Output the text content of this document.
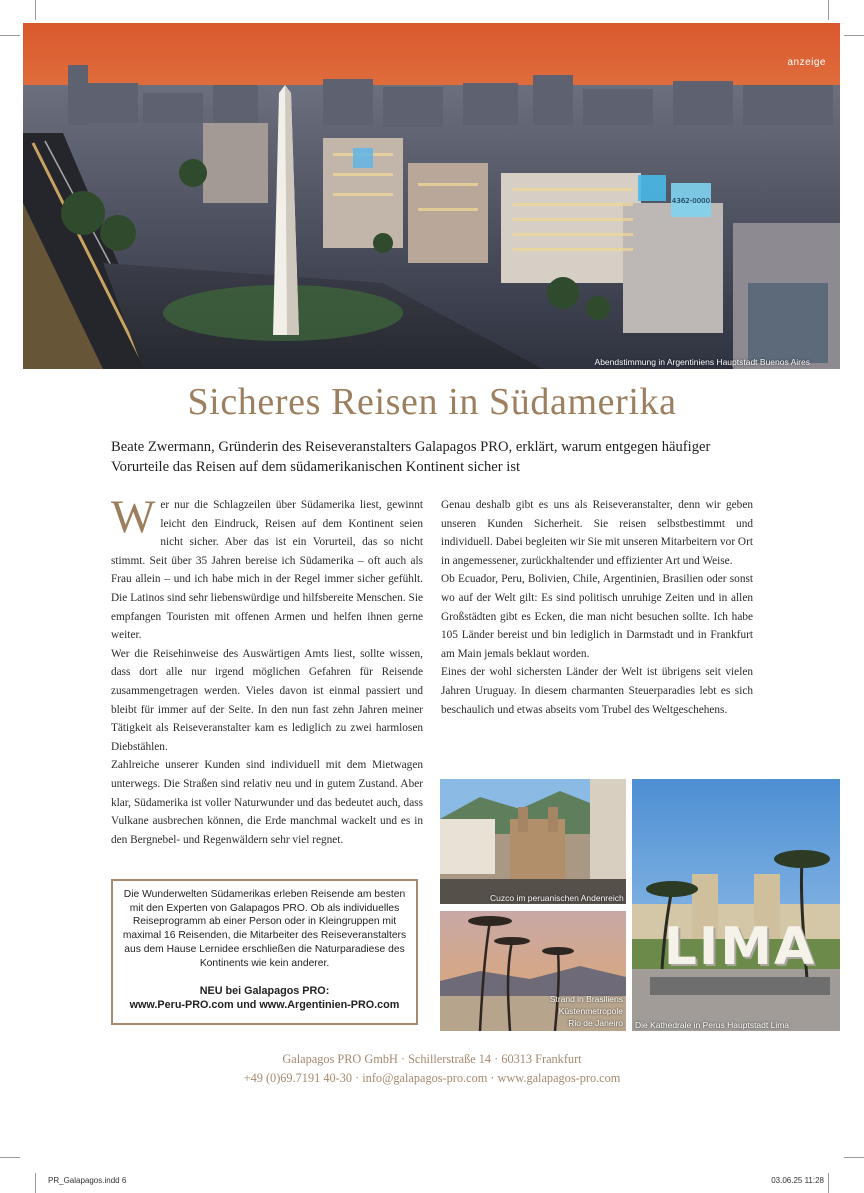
4362-0000
anzeige
Abendstimmung in Argentiniens Hauptstadt Buenos Aires
Sicheres Reisen in Südamerika

Beate Zwermann, Gründerin des Reiseveranstalters Galapagos PRO, erklärt, warum entgegen häufiger Vorurteile das Reisen auf dem südamerikanischen Kontinent sicher ist

Wer nur die Schlagzeilen über Südamerika liest, gewinnt leicht den Eindruck, Reisen auf dem Kontinent seien nicht sicher. Aber das ist ein Vorurteil, das so nicht stimmt. Seit über 35 Jahren bereise ich Südamerika – oft auch als Frau allein – und ich habe mich in der Regel immer sicher gefühlt. Die Latinos sind sehr liebenswürdige und hilfsbereite Menschen. Sie empfangen Touristen mit offenen Armen und helfen ihnen gerne weiter.

Wer die Reisehinweise des Auswärtigen Amts liest, sollte wissen, dass dort alle nur irgend möglichen Gefahren für Reisende zusammengetragen werden. Vieles davon ist einmal passiert und bleibt für immer auf der Seite. In den nun fast zehn Jahren meiner Tätigkeit als Reiseveranstalter kam es lediglich zu zwei harmlosen Diebstählen.

Zahlreiche unserer Kunden sind individuell mit dem Mietwagen unterwegs. Die Straßen sind relativ neu und in gutem Zustand. Aber klar, Südamerika ist voller Naturwunder und das bedeutet auch, dass Vulkane ausbrechen können, die Erde manchmal wackelt und es in den Bergnebel- und Regenwäldern sehr viel regnet.

Genau deshalb gibt es uns als Reiseveranstalter, denn wir geben unseren Kunden Sicherheit. Sie reisen selbstbestimmt und individuell. Dabei begleiten wir Sie mit unseren Mitarbeitern vor Ort in angemessener, zurückhaltender und effizienter Art und Weise.

Ob Ecuador, Peru, Bolivien, Chile, Argentinien, Brasilien oder sonst wo auf der Welt gilt: Es sind politisch unruhige Zeiten und in allen Großstädten gibt es Ecken, die man nicht besuchen sollte. Ich habe 105 Länder bereist und bin lediglich in Darmstadt und in Frankfurt am Main jemals beklaut worden.

Eines der wohl sichersten Länder der Welt ist übrigens seit vielen Jahren Uruguay. In diesem charmanten Steuerparadies lebt es sich beschaulich und etwas abseits vom Trubel des Weltgeschehens.

Die Wunderwelten Südamerikas erleben Reisende am besten mit den Experten von Galapagos PRO. Ob als individuelles Reiseprogramm ab einer Person oder in Kleingruppen mit maximal 16 Reisenden, die Mitarbeiter des Reiseveranstalters aus dem Hause Lernidee erschließen die Naturparadiese des Kontinents wie kein anderer.
NEU bei Galapagos PRO:
www.Peru-PRO.com und www.Argentinien-PRO.com
Cuzco im peruanischen Andenreich
Strand in Brasiliens
Küstenmetropole
Rio de Janeiro
LIMA
Die Kathedrale in Perus Hauptstadt Lima
Galapagos PRO GmbH · Schillerstraße 14 · 60313 Frankfurt
+49 (0)69.7191 40-30 · info@galapagos-pro.com · www.galapagos-pro.com
PR_Galapagos.indd 6	03.06.25 11:28
